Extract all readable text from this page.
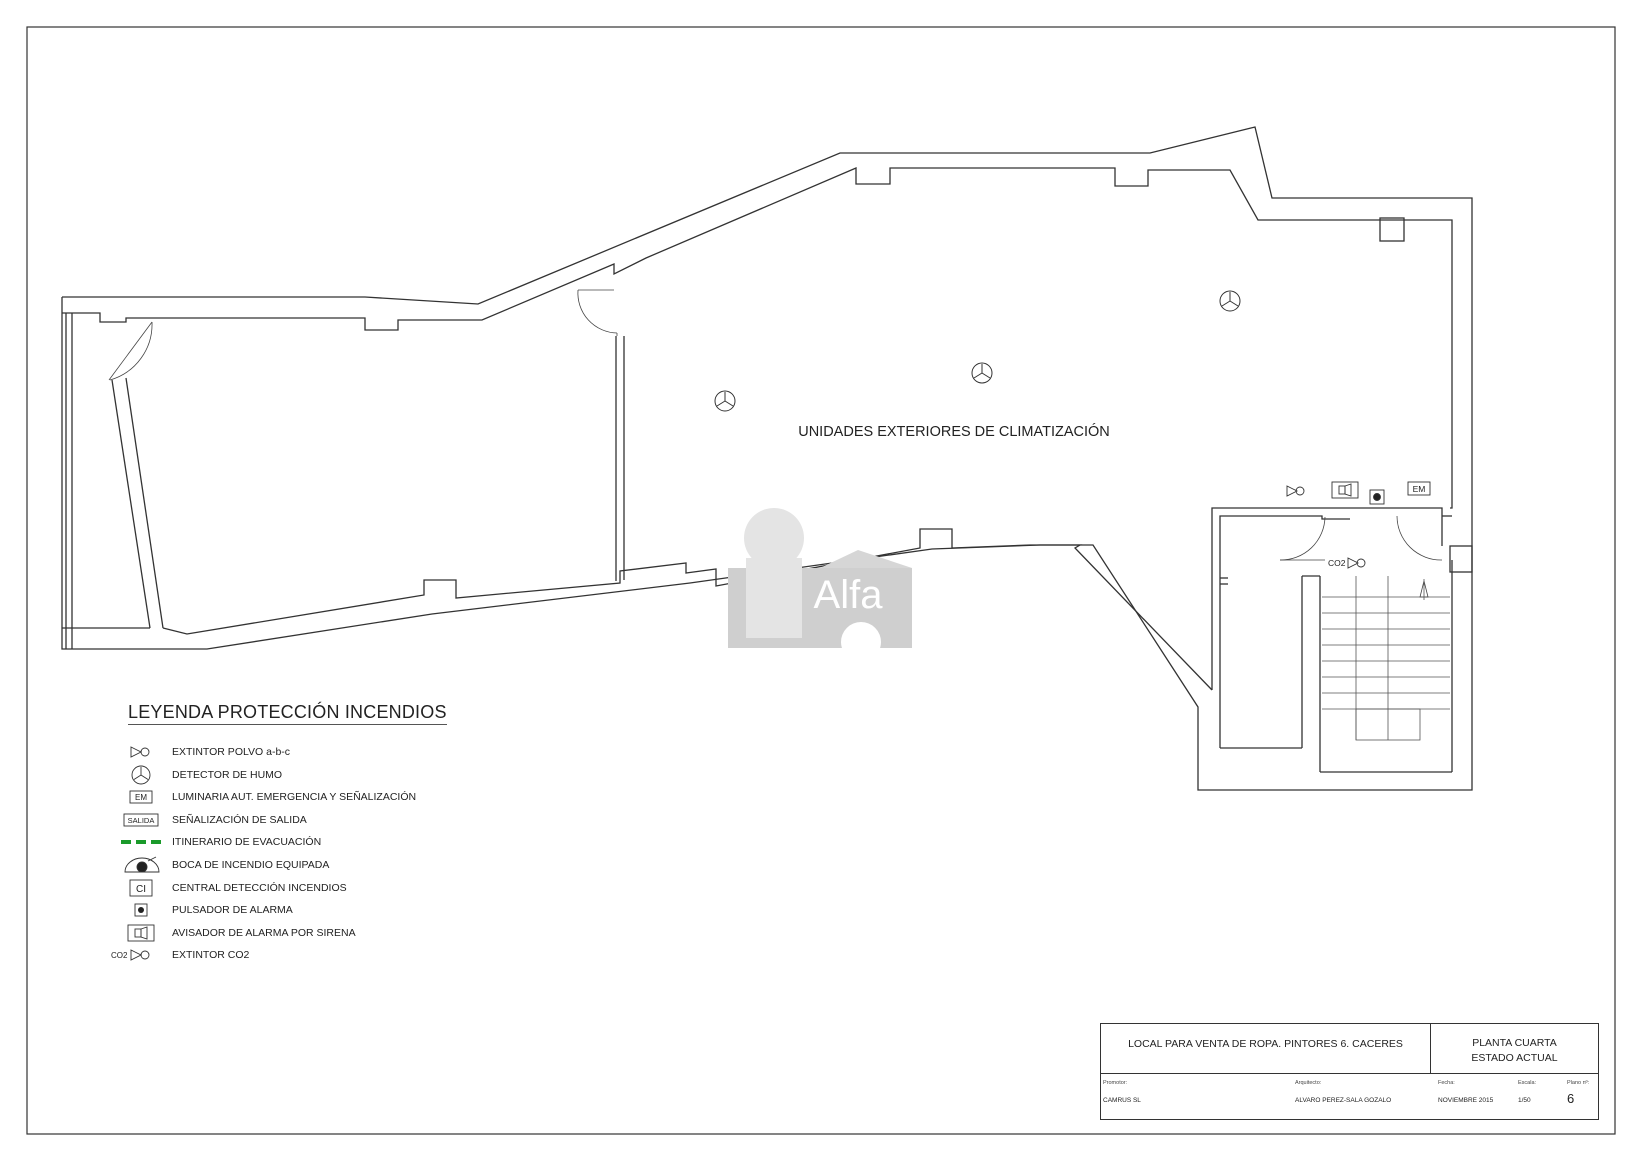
EM
CO2
UNIDADES EXTERIORES DE CLIMATIZACIÓN
Alfa
LEYENDA PROTECCIÓN INCENDIOS
EXTINTOR POLVO a-b-c
DETECTOR DE HUMO
EM LUMINARIA AUT. EMERGENCIA Y SEÑALIZACIÓN
SALIDA SEÑALIZACIÓN DE SALIDA
ITINERARIO DE EVACUACIÓN
BOCA DE INCENDIO EQUIPADA
CI CENTRAL DETECCIÓN INCENDIOS
PULSADOR DE ALARMA
AVISADOR DE ALARMA POR SIRENA
CO2	EXTINTOR CO2
LOCAL PARA VENTA DE ROPA. PINTORES 6. CACERES	PLANTA CUARTA
ESTADO ACTUAL
Promotor:
CAMRUS SL
Arquitecto:
ALVARO PEREZ-SALA GOZALO
Fecha:
NOVIEMBRE 2015
Escala:
1/50
Plano nº:
6
